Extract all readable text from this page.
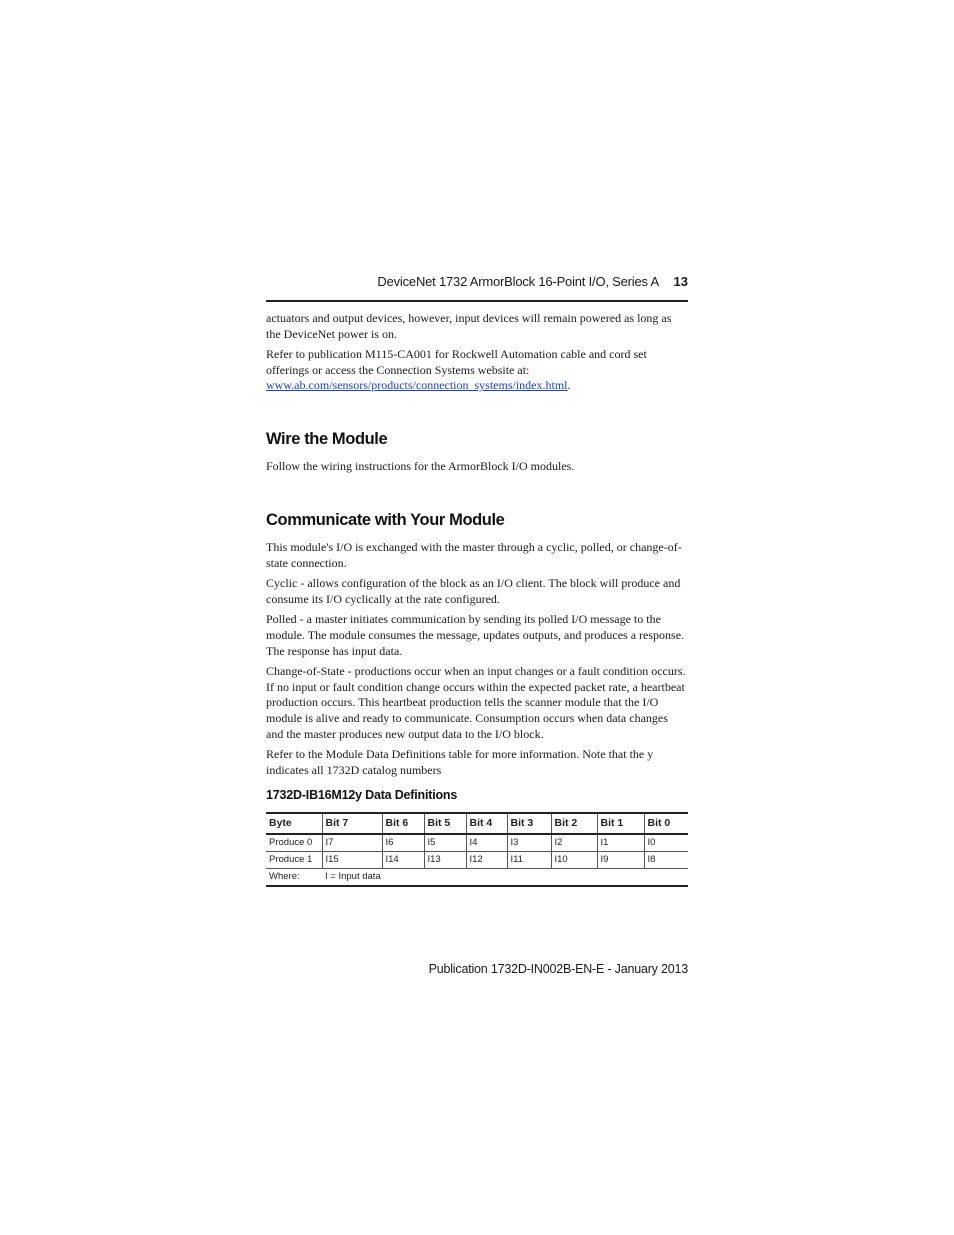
DeviceNet 1732 ArmorBlock 16-Point I/O, Series A 13

actuators and output devices, however, input devices will remain powered as long as the DeviceNet power is on.

Refer to publication M115-CA001 for Rockwell Automation cable and cord set offerings or access the Connection Systems website at:
www.ab.com/sensors/products/connection_systems/index.html.

Wire the Module

Follow the wiring instructions for the ArmorBlock I/O modules.

Communicate with Your Module

This module's I/O is exchanged with the master through a cyclic, polled, or change-of-state connection.

Cyclic - allows configuration of the block as an I/O client. The block will produce and consume its I/O cyclically at the rate configured.

Polled - a master initiates communication by sending its polled I/O message to the module. The module consumes the message, updates outputs, and produces a response. The response has input data.

Change-of-State - productions occur when an input changes or a fault condition occurs. If no input or fault condition change occurs within the expected packet rate, a heartbeat production occurs. This heartbeat production tells the scanner module that the I/O module is alive and ready to communicate. Consumption occurs when data changes and the master produces new output data to the I/O block.

Refer to the Module Data Definitions table for more information. Note that the y indicates all 1732D catalog numbers

1732D-IB16M12y Data Definitions
Byte	Bit 7	Bit 6	Bit 5	Bit 4	Bit 3	Bit 2	Bit 1	Bit 0
Produce 0	I7	I6	I5	I4	I3	I2	I1	I0
Produce 1	I15	I14	I13	I12	I11	I10	I9	I8
Where:	I = Input data							
Publication 1732D-IN002B-EN-E - January 2013
